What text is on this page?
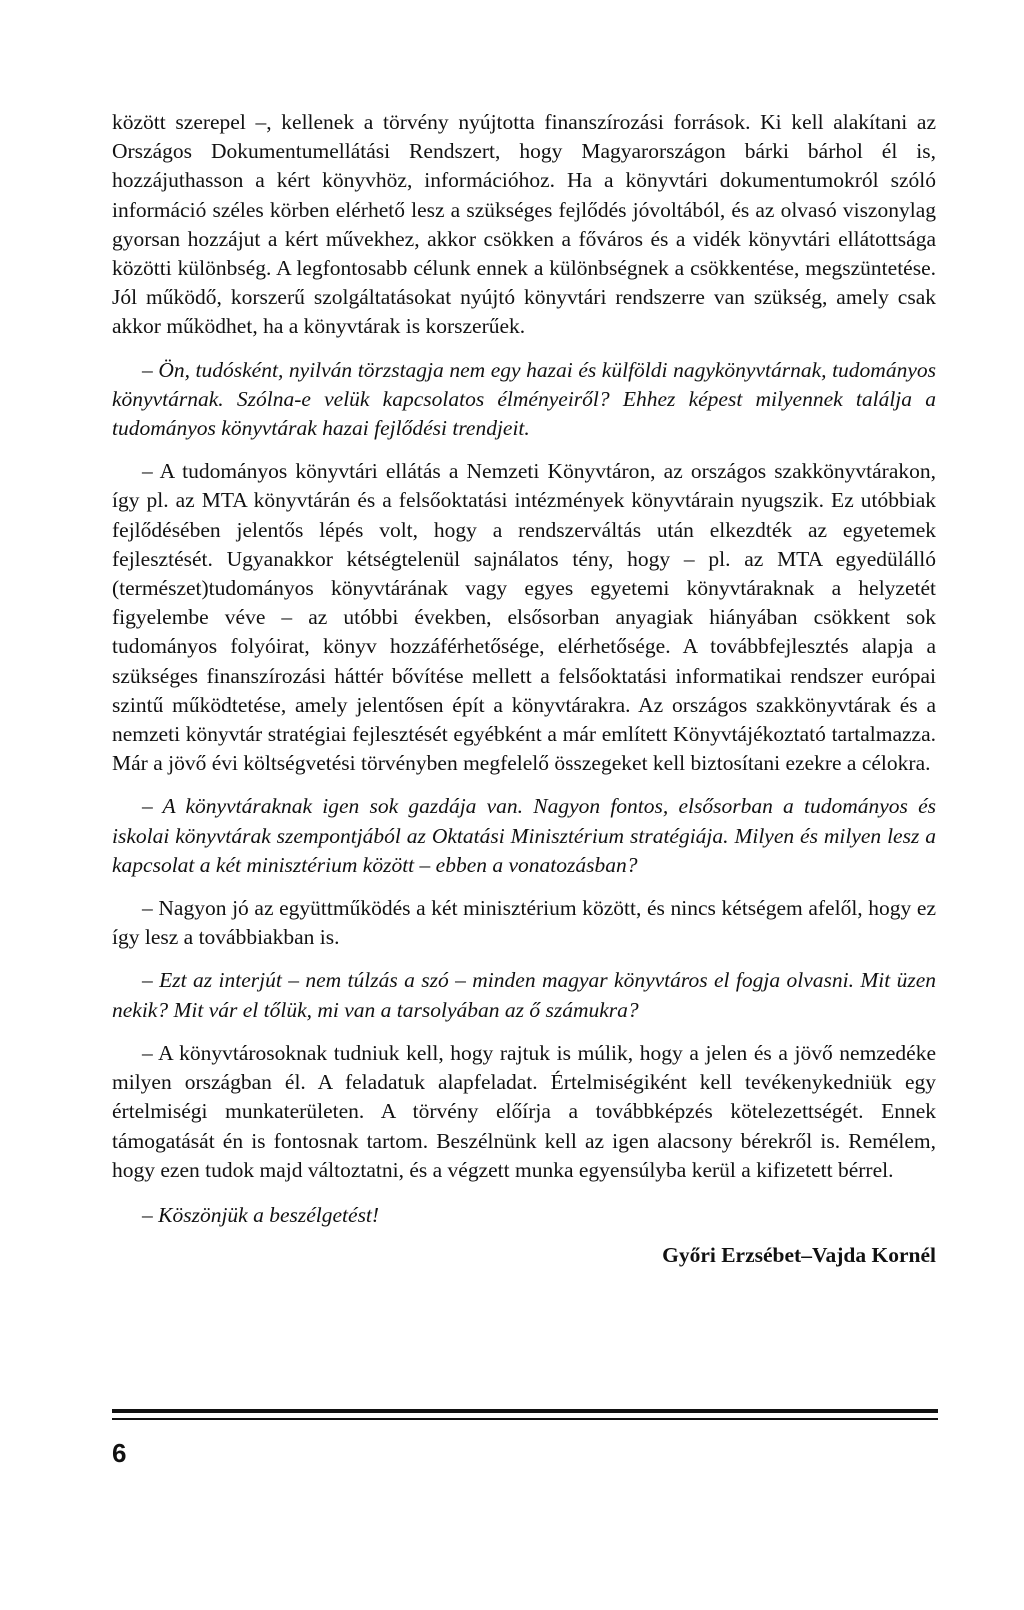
között szerepel –, kellenek a törvény nyújtotta finanszírozási források. Ki kell alakítani az Országos Dokumentumellátási Rendszert, hogy Magyarországon bárki bárhol él is, hozzájuthasson a kért könyvhöz, információhoz. Ha a könyvtári dokumentumokról szóló információ széles körben elérhető lesz a szükséges fejlődés jóvoltából, és az olvasó viszonylag gyorsan hozzájut a kért művekhez, akkor csökken a főváros és a vidék könyvtári ellátottsága közötti különbség. A legfontosabb célunk ennek a különbségnek a csökkentése, megszüntetése. Jól működő, korszerű szolgáltatásokat nyújtó könyvtári rendszerre van szükség, amely csak akkor működhet, ha a könyvtárak is korszerűek.

– Ön, tudósként, nyilván törzstagja nem egy hazai és külföldi nagykönyvtárnak, tudományos könyvtárnak. Szólna-e velük kapcsolatos élményeiről? Ehhez képest milyennek találja a tudományos könyvtárak hazai fejlődési trendjeit.

– A tudományos könyvtári ellátás a Nemzeti Könyvtáron, az országos szakkönyvtárakon, így pl. az MTA könyvtárán és a felsőoktatási intézmények könyvtárain nyugszik. Ez utóbbiak fejlődésében jelentős lépés volt, hogy a rendszerváltás után elkezdték az egyetemek fejlesztését. Ugyanakkor kétségtelenül sajnálatos tény, hogy – pl. az MTA egyedülálló (természet)tudományos könyvtárának vagy egyes egyetemi könyvtáraknak a helyzetét figyelembe véve – az utóbbi években, elsősorban anyagiak hiányában csökkent sok tudományos folyóirat, könyv hozzáférhetősége, elérhetősége. A továbbfejlesztés alapja a szükséges finanszírozási háttér bővítése mellett a felsőoktatási informatikai rendszer európai szintű működtetése, amely jelentősen épít a könyvtárakra. Az országos szakkönyvtárak és a nemzeti könyvtár stratégiai fejlesztését egyébként a már említett Könyvtájékoztató tartalmazza. Már a jövő évi költségvetési törvényben megfelelő összegeket kell biztosítani ezekre a célokra.

– A könyvtáraknak igen sok gazdája van. Nagyon fontos, elsősorban a tudományos és iskolai könyvtárak szempontjából az Oktatási Minisztérium stratégiája. Milyen és milyen lesz a kapcsolat a két minisztérium között – ebben a vonatozásban?

– Nagyon jó az együttműködés a két minisztérium között, és nincs kétségem afelől, hogy ez így lesz a továbbiakban is.

– Ezt az interjút – nem túlzás a szó – minden magyar könyvtáros el fogja olvasni. Mit üzen nekik? Mit vár el tőlük, mi van a tarsolyában az ő számukra?

– A könyvtárosoknak tudniuk kell, hogy rajtuk is múlik, hogy a jelen és a jövő nemzedéke milyen országban él. A feladatuk alapfeladat. Értelmiségiként kell tevékenykedniük egy értelmiségi munkaterületen. A törvény előírja a továbbképzés kötelezettségét. Ennek támogatását én is fontosnak tartom. Beszélnünk kell az igen alacsony bérekről is. Remélem, hogy ezen tudok majd változtatni, és a végzett munka egyensúlyba kerül a kifizetett bérrel.

– Köszönjük a beszélgetést!

Győri Erzsébet–Vajda Kornél

6
